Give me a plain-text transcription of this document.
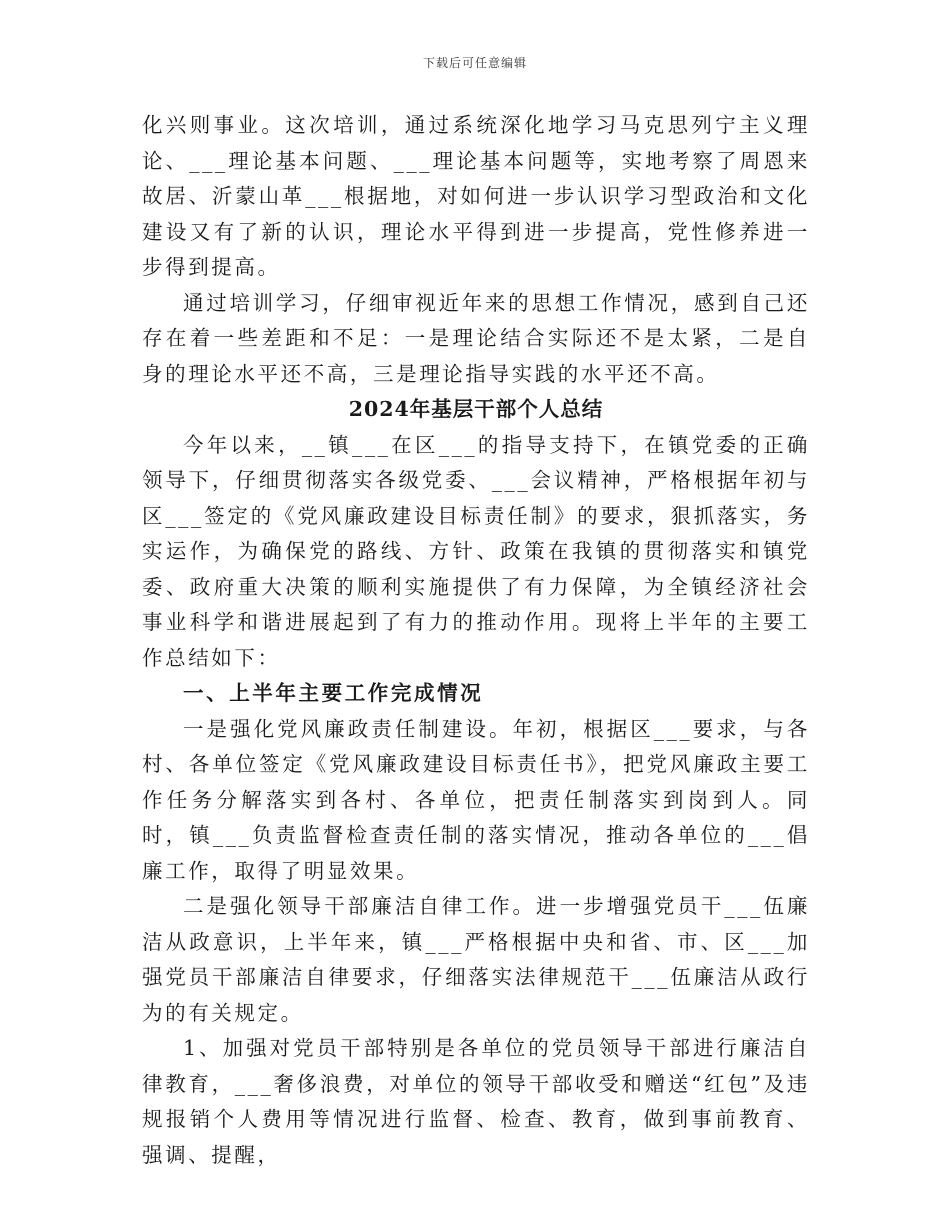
下载后可任意编辑

化兴则事业。这次培训，通过系统深化地学习马克思列宁主义理论、___理论基本问题、___理论基本问题等，实地考察了周恩来故居、沂蒙山革___根据地，对如何进一步认识学习型政治和文化建设又有了新的认识，理论水平得到进一步提高，党性修养进一步得到提高。

通过培训学习，仔细审视近年来的思想工作情况，感到自己还存在着一些差距和不足：一是理论结合实际还不是太紧，二是自身的理论水平还不高，三是理论指导实践的水平还不高。

2024年基层干部个人总结

今年以来，__镇___在区___的指导支持下，在镇党委的正确领导下，仔细贯彻落实各级党委、___会议精神，严格根据年初与区___签定的《党风廉政建设目标责任制》的要求，狠抓落实，务实运作，为确保党的路线、方针、政策在我镇的贯彻落实和镇党委、政府重大决策的顺利实施提供了有力保障，为全镇经济社会事业科学和谐进展起到了有力的推动作用。现将上半年的主要工作总结如下：

一、上半年主要工作完成情况

一是强化党风廉政责任制建设。年初，根据区___要求，与各村、各单位签定《党风廉政建设目标责任书》，把党风廉政主要工作任务分解落实到各村、各单位，把责任制落实到岗到人。同时，镇___负责监督检查责任制的落实情况，推动各单位的___倡廉工作，取得了明显效果。

二是强化领导干部廉洁自律工作。进一步增强党员干___伍廉洁从政意识，上半年来，镇___严格根据中央和省、市、区___加强党员干部廉洁自律要求，仔细落实法律规范干___伍廉洁从政行为的有关规定。

1、加强对党员干部特别是各单位的党员领导干部进行廉洁自律教育，___奢侈浪费，对单位的领导干部收受和赠送“红包”及违规报销个人费用等情况进行监督、检查、教育，做到事前教育、强调、提醒，
